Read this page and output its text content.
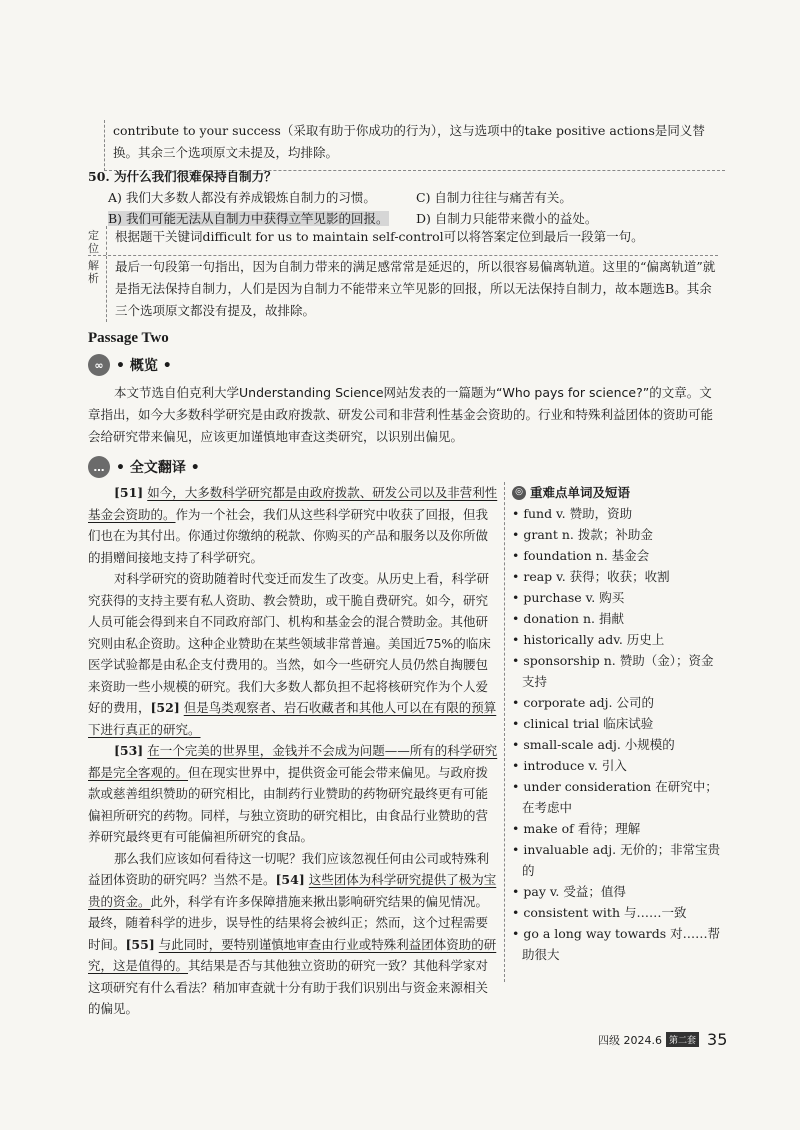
contribute to your success（采取有助于你成功的行为），这与选项中的take positive actions是同义替换。其余三个选项原文未提及，均排除。
50. 为什么我们很难保持自制力？
A) 我们大多数人都没有养成锻炼自制力的习惯。	C) 自制力往往与痛苦有关。
B) 我们可能无法从自制力中获得立竿见影的回报。	D) 自制力只能带来微小的益处。
定位
根据题干关键词difficult for us to maintain self-control可以将答案定位到最后一段第一句。
解析
最后一句段第一句指出，因为自制力带来的满足感常常是延迟的，所以很容易偏离轨道。这里的“偏离轨道”就是指无法保持自制力，人们是因为自制力不能带来立竿见影的回报，所以无法保持自制力，故本题选B。其余三个选项原文都没有提及，故排除。
Passage Two
∞ • 概览 •
本文节选自伯克利大学Understanding Science网站发表的一篇题为“Who pays for science?”的文章。文章指出，如今大多数科学研究是由政府拨款、研发公司和非营利性基金会资助的。行业和特殊利益团体的资助可能会给研究带来偏见，应该更加谨慎地审查这类研究，以识别出偏见。
… • 全文翻译 •

[51] 如今，大多数科学研究都是由政府拨款、研发公司以及非营利性基金会资助的。作为一个社会，我们从这些科学研究中收获了回报，但我们也在为其付出。你通过你缴纳的税款、你购买的产品和服务以及你所做的捐赠间接地支持了科学研究。

对科学研究的资助随着时代变迁而发生了改变。从历史上看，科学研究获得的支持主要有私人资助、教会赞助，或干脆自费研究。如今，研究人员可能会得到来自不同政府部门、机构和基金会的混合赞助金。其他研究则由私企资助。这种企业赞助在某些领域非常普遍。美国近75%的临床医学试验都是由私企支付费用的。当然，如今一些研究人员仍然自掏腰包来资助一些小规模的研究。我们大多数人都负担不起将核研究作为个人爱好的费用，[52] 但是鸟类观察者、岩石收藏者和其他人可以在有限的预算下进行真正的研究。

[53] 在一个完美的世界里，金钱并不会成为问题——所有的科学研究都是完全客观的。但在现实世界中，提供资金可能会带来偏见。与政府拨款或慈善组织赞助的研究相比，由制药行业赞助的药物研究最终更有可能偏袒所研究的药物。同样，与独立资助的研究相比，由食品行业赞助的营养研究最终更有可能偏袒所研究的食品。

那么我们应该如何看待这一切呢？我们应该忽视任何由公司或特殊利益团体资助的研究吗？当然不是。[54] 这些团体为科学研究提供了极为宝贵的资金。此外，科学有许多保障措施来揪出影响研究结果的偏见情况。最终，随着科学的进步，误导性的结果将会被纠正；然而，这个过程需要时间。[55] 与此同时，要特别谨慎地审查由行业或特殊利益团体资助的研究，这是值得的。其结果是否与其他独立资助的研究一致？其他科学家对这项研究有什么看法？稍加审查就十分有助于我们识别出与资金来源相关的偏见。

◎ 重难点单词及短语
• fund v. 赞助，资助
• grant n. 拨款；补助金
• foundation n. 基金会
• reap v. 获得；收获；收割
• purchase v. 购买
• donation n. 捐献
• historically adv. 历史上
• sponsorship n. 赞助（金）；资金支持
• corporate adj. 公司的
• clinical trial 临床试验
• small-scale adj. 小规模的
• introduce v. 引入
• under consideration 在研究中；在考虑中
• make of 看待；理解
• invaluable adj. 无价的；非常宝贵的
• pay v. 受益；值得
• consistent with 与……一致
• go a long way towards 对……帮助很大
四级 2024.6 第二套 35
